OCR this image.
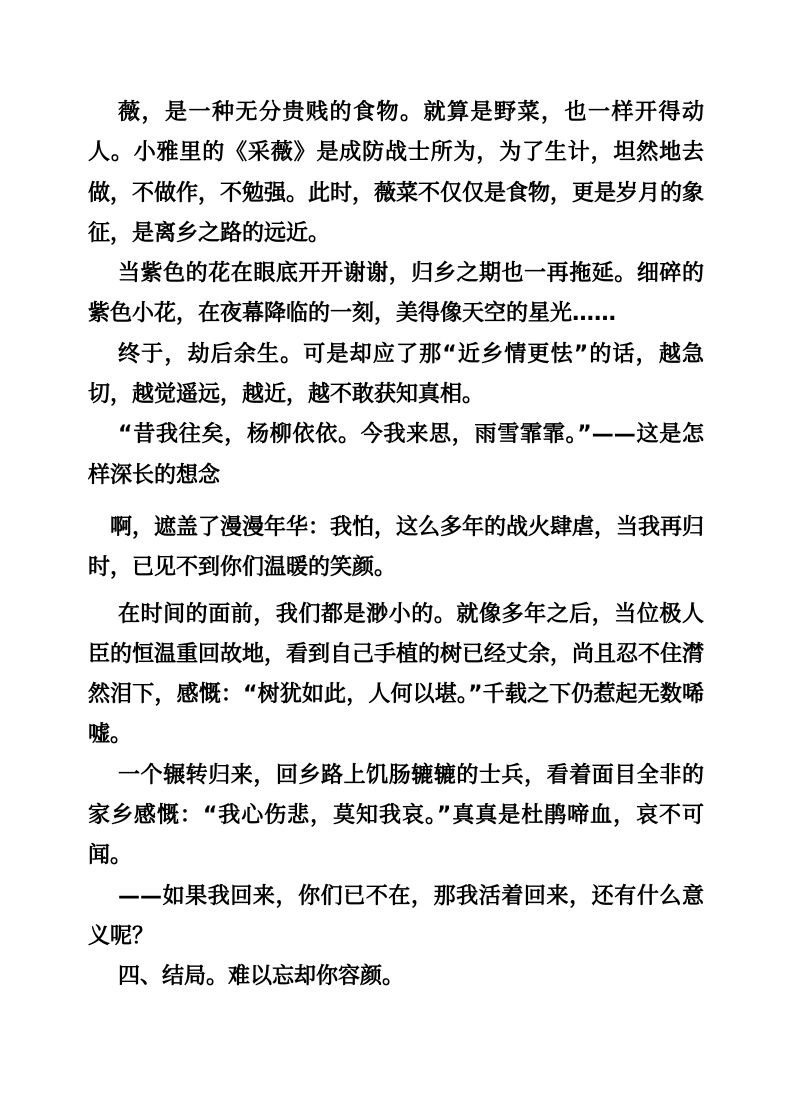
薇，是一种无分贵贱的食物。就算是野菜，也一样开得动人。小雅里的《采薇》是成防战士所为，为了生计，坦然地去做，不做作，不勉强。此时，薇菜不仅仅是食物，更是岁月的象征，是离乡之路的远近。

当紫色的花在眼底开开谢谢，归乡之期也一再拖延。细碎的紫色小花，在夜幕降临的一刻，美得像天空的星光……

终于，劫后余生。可是却应了那“近乡情更怯”的话，越急切，越觉遥远，越近，越不敢获知真相。

“昔我往矣，杨柳依依。今我来思，雨雪霏霏。”——这是怎样深长的想念

啊，遮盖了漫漫年华：我怕，这么多年的战火肆虐，当我再归时，已见不到你们温暖的笑颜。

在时间的面前，我们都是渺小的。就像多年之后，当位极人臣的恒温重回故地，看到自己手植的树已经丈余，尚且忍不住潸然泪下，感慨：“树犹如此，人何以堪。”千载之下仍惹起无数唏嘘。

一个辗转归来，回乡路上饥肠辘辘的士兵，看着面目全非的家乡感慨：“我心伤悲，莫知我哀。”真真是杜鹃啼血，哀不可闻。

——如果我回来，你们已不在，那我活着回来，还有什么意义呢？

四、结局。难以忘却你容颜。
